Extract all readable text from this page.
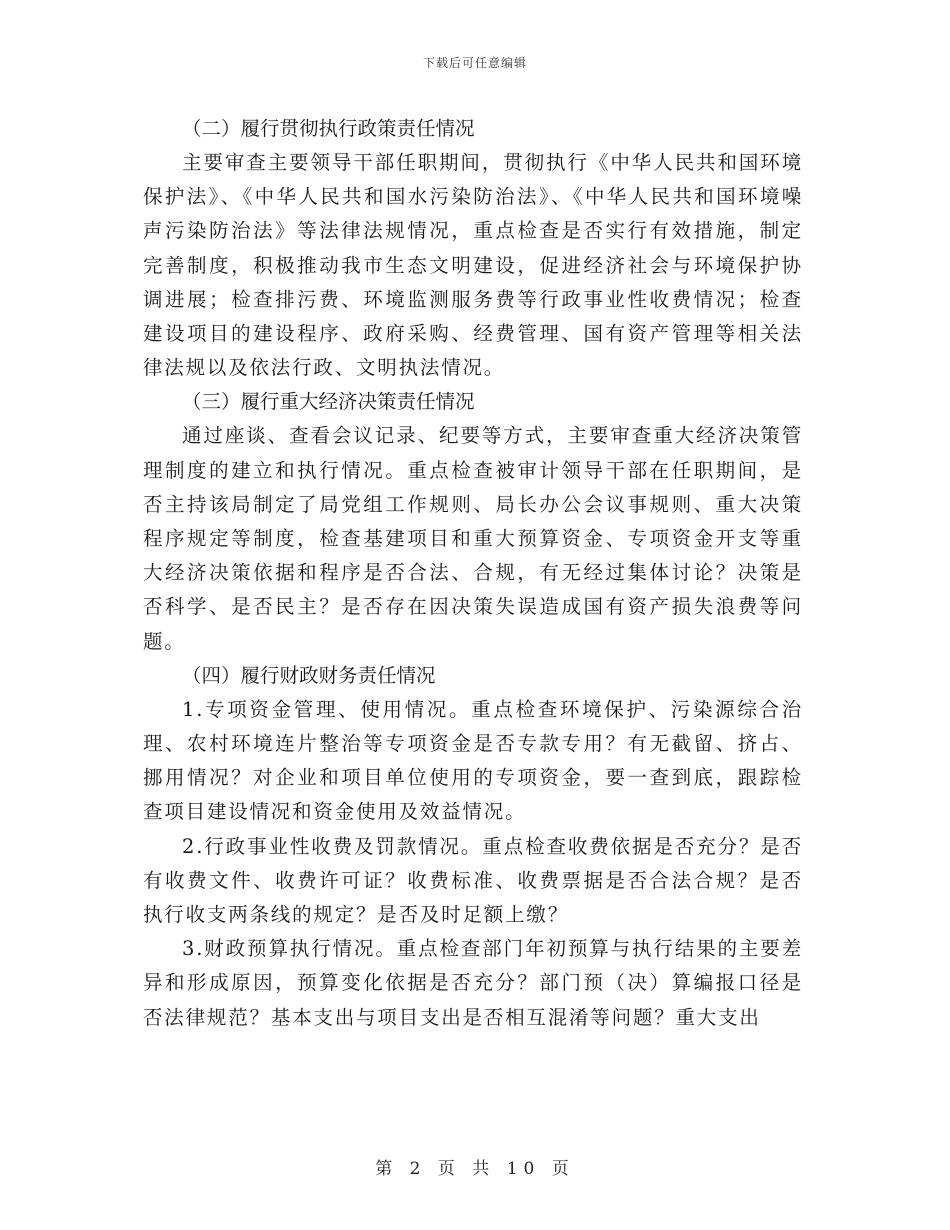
下载后可任意编辑

（二）履行贯彻执行政策责任情况

主要审查主要领导干部任职期间，贯彻执行《中华人民共和国环境保护法》、《中华人民共和国水污染防治法》、《中华人民共和国环境噪声污染防治法》等法律法规情况，重点检查是否实行有效措施，制定完善制度，积极推动我市生态文明建设，促进经济社会与环境保护协调进展；检查排污费、环境监测服务费等行政事业性收费情况；检查建设项目的建设程序、政府采购、经费管理、国有资产管理等相关法律法规以及依法行政、文明执法情况。

（三）履行重大经济决策责任情况

通过座谈、查看会议记录、纪要等方式，主要审查重大经济决策管理制度的建立和执行情况。重点检查被审计领导干部在任职期间，是否主持该局制定了局党组工作规则、局长办公会议事规则、重大决策程序规定等制度，检查基建项目和重大预算资金、专项资金开支等重大经济决策依据和程序是否合法、合规，有无经过集体讨论？决策是否科学、是否民主？是否存在因决策失误造成国有资产损失浪费等问题。

（四）履行财政财务责任情况

1.专项资金管理、使用情况。重点检查环境保护、污染源综合治理、农村环境连片整治等专项资金是否专款专用？有无截留、挤占、挪用情况？对企业和项目单位使用的专项资金，要一查到底，跟踪检查项目建设情况和资金使用及效益情况。

2.行政事业性收费及罚款情况。重点检查收费依据是否充分？是否有收费文件、收费许可证？收费标准、收费票据是否合法合规？是否执行收支两条线的规定？是否及时足额上缴？

3.财政预算执行情况。重点检查部门年初预算与执行结果的主要差异和形成原因，预算变化依据是否充分？部门预（决）算编报口径是否法律规范？基本支出与项目支出是否相互混淆等问题？重大支出

第 2 页 共 10 页
